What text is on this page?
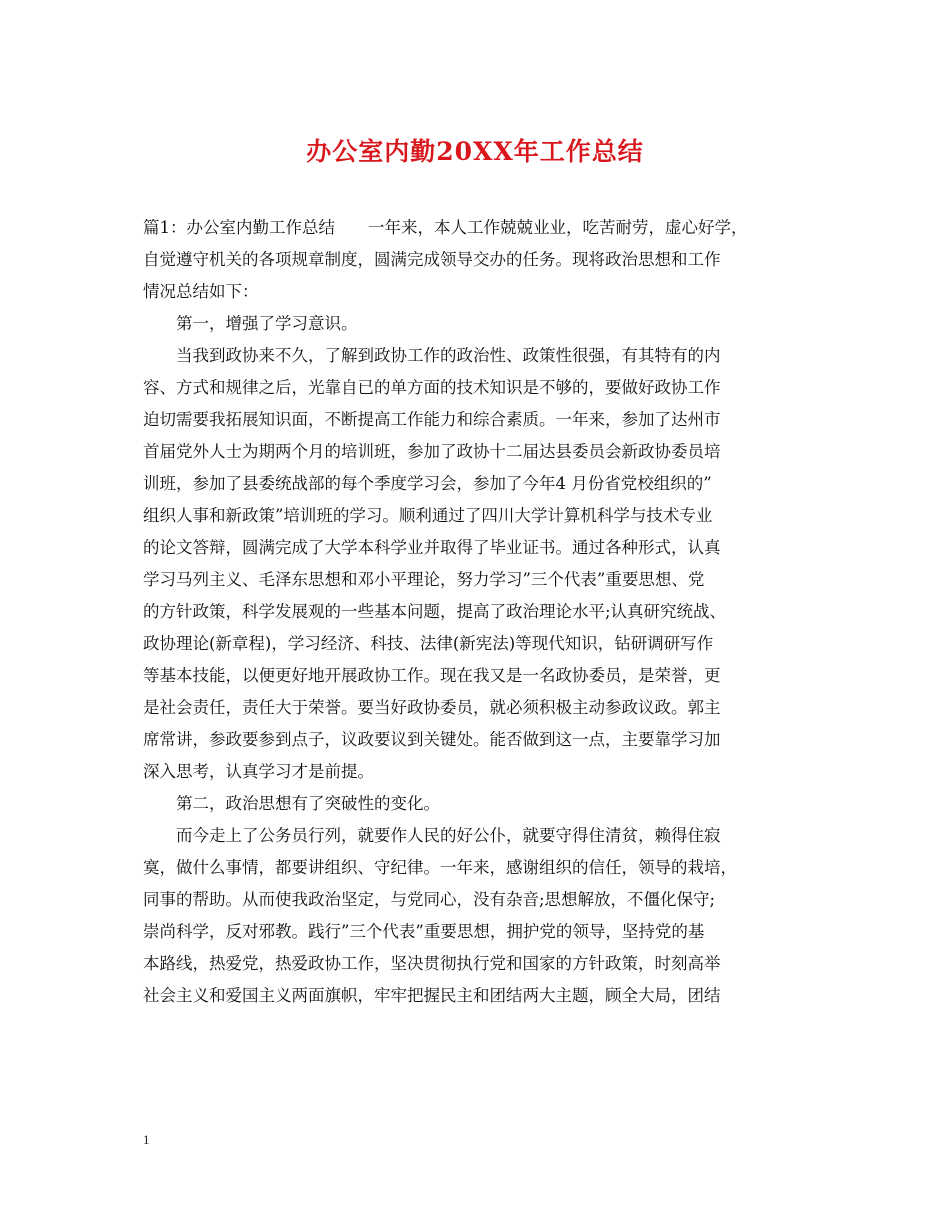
办公室内勤20XX年工作总结
篇1：办公室内勤工作总结　　一年来，本人工作兢兢业业，吃苦耐劳，虚心好学，
自觉遵守机关的各项规章制度，圆满完成领导交办的任务。现将政治思想和工作
情况总结如下：
　　第一，增强了学习意识。
　　当我到政协来不久，了解到政协工作的政治性、政策性很强，有其特有的内
容、方式和规律之后，光靠自已的单方面的技术知识是不够的，要做好政协工作
迫切需要我拓展知识面，不断提高工作能力和综合素质。一年来，参加了达州市
首届党外人士为期两个月的培训班，参加了政协十二届达县委员会新政协委员培
训班，参加了县委统战部的每个季度学习会，参加了今年4 月份省党校组织的”
组织人事和新政策”培训班的学习。顺利通过了四川大学计算机科学与技术专业
的论文答辩，圆满完成了大学本科学业并取得了毕业证书。通过各种形式，认真
学习马列主义、毛泽东思想和邓小平理论，努力学习”三个代表”重要思想、党
的方针政策，科学发展观的一些基本问题，提高了政治理论水平;认真研究统战、
政协理论(新章程)，学习经济、科技、法律(新宪法)等现代知识，钻研调研写作
等基本技能，以便更好地开展政协工作。现在我又是一名政协委员，是荣誉，更
是社会责任，责任大于荣誉。要当好政协委员，就必须积极主动参政议政。郭主
席常讲，参政要参到点子，议政要议到关键处。能否做到这一点，主要靠学习加
深入思考，认真学习才是前提。
　　第二，政治思想有了突破性的变化。
　　而今走上了公务员行列，就要作人民的好公仆，就要守得住清贫，赖得住寂
寞，做什么事情，都要讲组织、守纪律。一年来，感谢组织的信任，领导的栽培，
同事的帮助。从而使我政治坚定，与党同心，没有杂音;思想解放，不僵化保守;
崇尚科学，反对邪教。践行”三个代表”重要思想，拥护党的领导，坚持党的基
本路线，热爱党，热爱政协工作，坚决贯彻执行党和国家的方针政策，时刻高举
社会主义和爱国主义两面旗帜，牢牢把握民主和团结两大主题，顾全大局，团结
1
